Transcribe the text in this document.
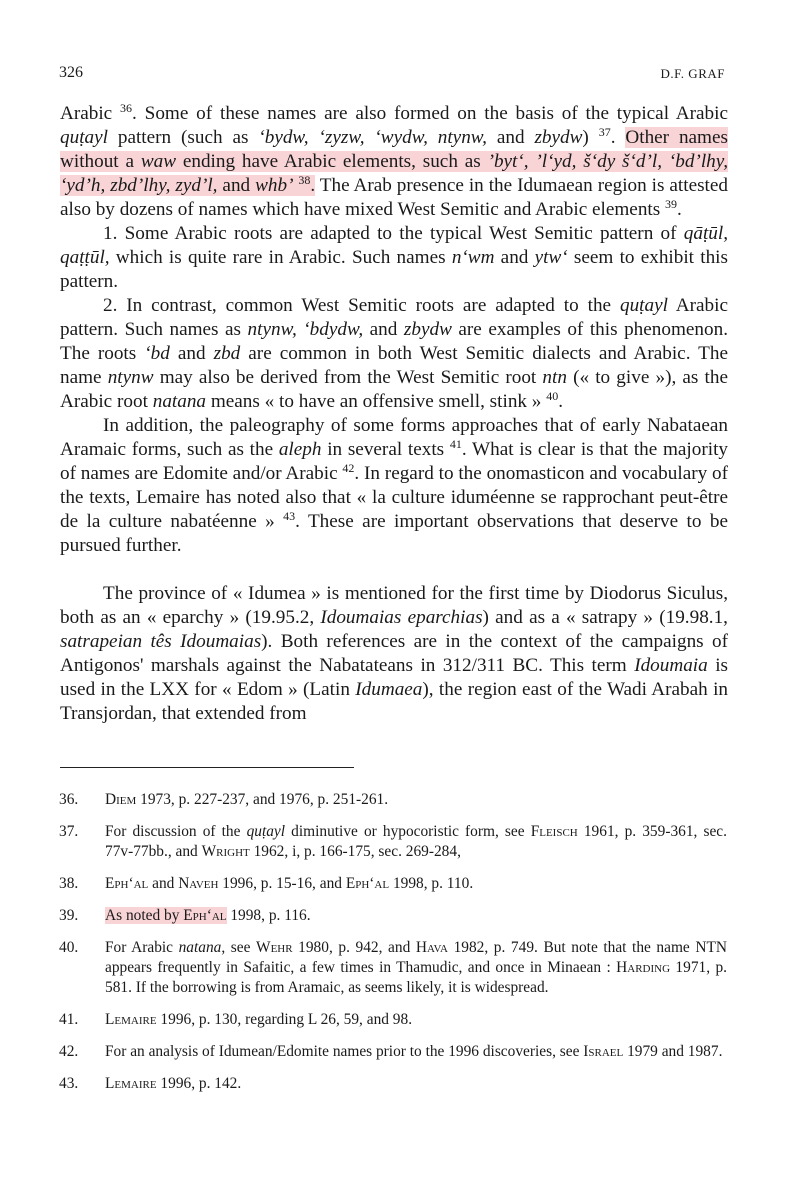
326	D.F. GRAF

Arabic $^{36}$. Some of these names are also formed on the basis of the typical Arabic quṭayl pattern (such as ‘bydw, ‘zyzw, ‘wydw, ntynw, and zbydw) $^{37}$. Other names without a waw ending have Arabic elements, such as ’byt‘, ’l‘yd, š‘dy š‘d’l, ‘bd’lhy, ‘yd’h, zbd’lhy, zyd’l, and whb’ $^{38}$. The Arab presence in the Idumaean region is attested also by dozens of names which have mixed West Semitic and Arabic elements $^{39}$.

1. Some Arabic roots are adapted to the typical West Semitic pattern of qāṭūl, qaṭṭūl, which is quite rare in Arabic. Such names n‘wm and ytw‘ seem to exhibit this pattern.

2. In contrast, common West Semitic roots are adapted to the quṭayl Arabic pattern. Such names as ntynw, ‘bdydw, and zbydw are examples of this phenomenon. The roots ‘bd and zbd are common in both West Semitic dialects and Arabic. The name ntynw may also be derived from the West Semitic root ntn (« to give »), as the Arabic root natana means « to have an offensive smell, stink » $^{40}$.

In addition, the paleography of some forms approaches that of early Nabataean Aramaic forms, such as the aleph in several texts $^{41}$. What is clear is that the majority of names are Edomite and/or Arabic $^{42}$. In regard to the onomasticon and vocabulary of the texts, Lemaire has noted also that « la culture iduméenne se rapprochant peut-être de la culture nabatéenne » $^{43}$. These are important observations that deserve to be pursued further.

The province of « Idumea » is mentioned for the first time by Diodorus Siculus, both as an « eparchy » (19.95.2, Idoumaias eparchias) and as a « satrapy » (19.98.1, satrapeian tês Idoumaias). Both references are in the context of the campaigns of Antigonos' marshals against the Nabatateans in 312/311 BC. This term Idoumaia is used in the LXX for « Edom » (Latin Idumaea), the region east of the Wadi Arabah in Transjordan, that extended from

36.	Diem 1973, p. 227-237, and 1976, p. 251-261.
37.	For discussion of the quṭayl diminutive or hypocoristic form, see Fleisch 1961, p. 359-361, sec. 77v-77bb., and Wright 1962, i, p. 166-175, sec. 269-284,
38.	Eph‘al and Naveh 1996, p. 15-16, and Eph‘al 1998, p. 110.
39.	As noted by Eph‘al 1998, p. 116.
40.	For Arabic natana, see Wehr 1980, p. 942, and Hava 1982, p. 749. But note that the name NTN appears frequently in Safaitic, a few times in Thamudic, and once in Minaean : Harding 1971, p. 581. If the borrowing is from Aramaic, as seems likely, it is widespread.
41.	Lemaire 1996, p. 130, regarding L 26, 59, and 98.
42.	For an analysis of Idumean/Edomite names prior to the 1996 discoveries, see Israel 1979 and 1987.
43.	Lemaire 1996, p. 142.
